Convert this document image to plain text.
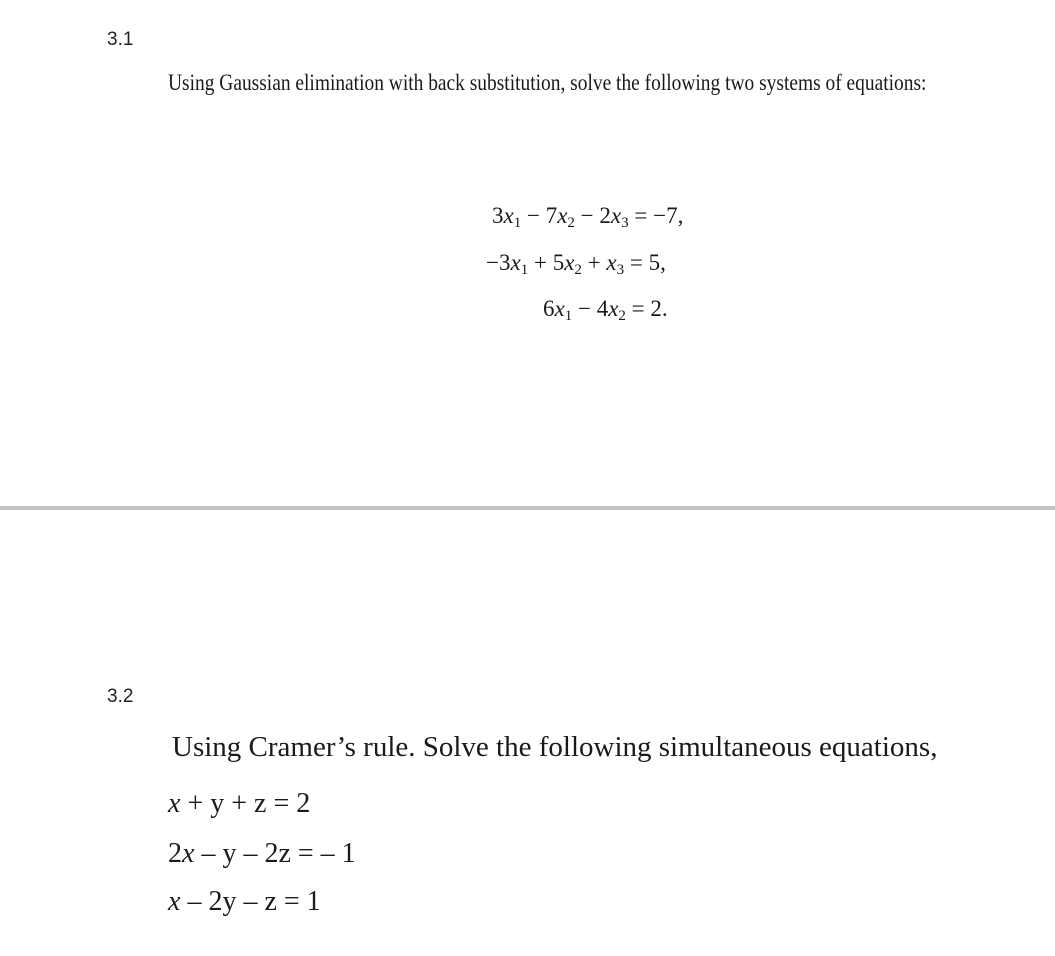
3.1
Using Gaussian elimination with back substitution, solve the following two systems of equations:
$3x_1 - 7x_2 - 2x_3 = -7$,
$-3x_1 + 5x_2 + x_3 = 5$,
$6x_1 - 4x_2 = 2$.
3.2
Using Cramer’s rule. Solve the following simultaneous equations,
x + y + z = 2
2x – y – 2z = – 1
x – 2y – z = 1
